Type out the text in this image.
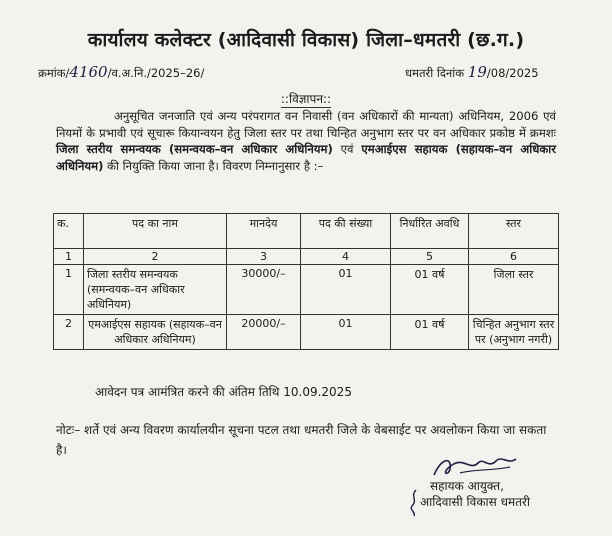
कार्यालय कलेक्टर (आदिवासी विकास) जिला–धमतरी (छ.ग.)
क्रमांक/4160/व.अ.नि./2025–26/	धमतरी दिनांक 19/08/2025
::विज्ञापन::
अनुसूचित जनजाति एवं अन्य परंपरागत वन निवासी (वन अधिकारों की मान्यता) अधिनियम, 2006 एवं नियमों के प्रभावी एवं सूचारू कियान्वयन हेतु जिला स्तर पर तथा चिन्हित अनुभाग स्तर पर वन अधिकार प्रकोष्ठ में क्रमशः जिला स्तरीय समन्वयक (समन्वयक–वन अधिकार अधिनियम) एवं एमआईएस सहायक (सहायक–वन अधिकार अधिनियम) की नियुक्ति किया जाना है। विवरण निम्नानुसार है :–
क.	पद का नाम	मानदेय	पद की संख्या	निर्धारित अवधि	स्तर
1	2	3	4	5	6
1	जिला स्तरीय समन्वयक (समन्वयक–वन अधिकार अधिनियम)	30000/–	01	01 वर्ष	जिला स्तर
2	एमआईएस सहायक (सहायक–वन अधिकार अधिनियम)	20000/–	01	01 वर्ष	चिन्हित अनुभाग स्तर पर (अनुभाग नगरी)
आवेदन पत्र आमंत्रित करने की अंतिम तिथि 10.09.2025
नोटः– शर्ते एवं अन्य विवरण कार्यालयीन सूचना पटल तथा धमतरी जिले के वेबसाईट पर अवलोकन किया जा सकता है।
सहायक आयुक्त,
आदिवासी विकास धमतरी
